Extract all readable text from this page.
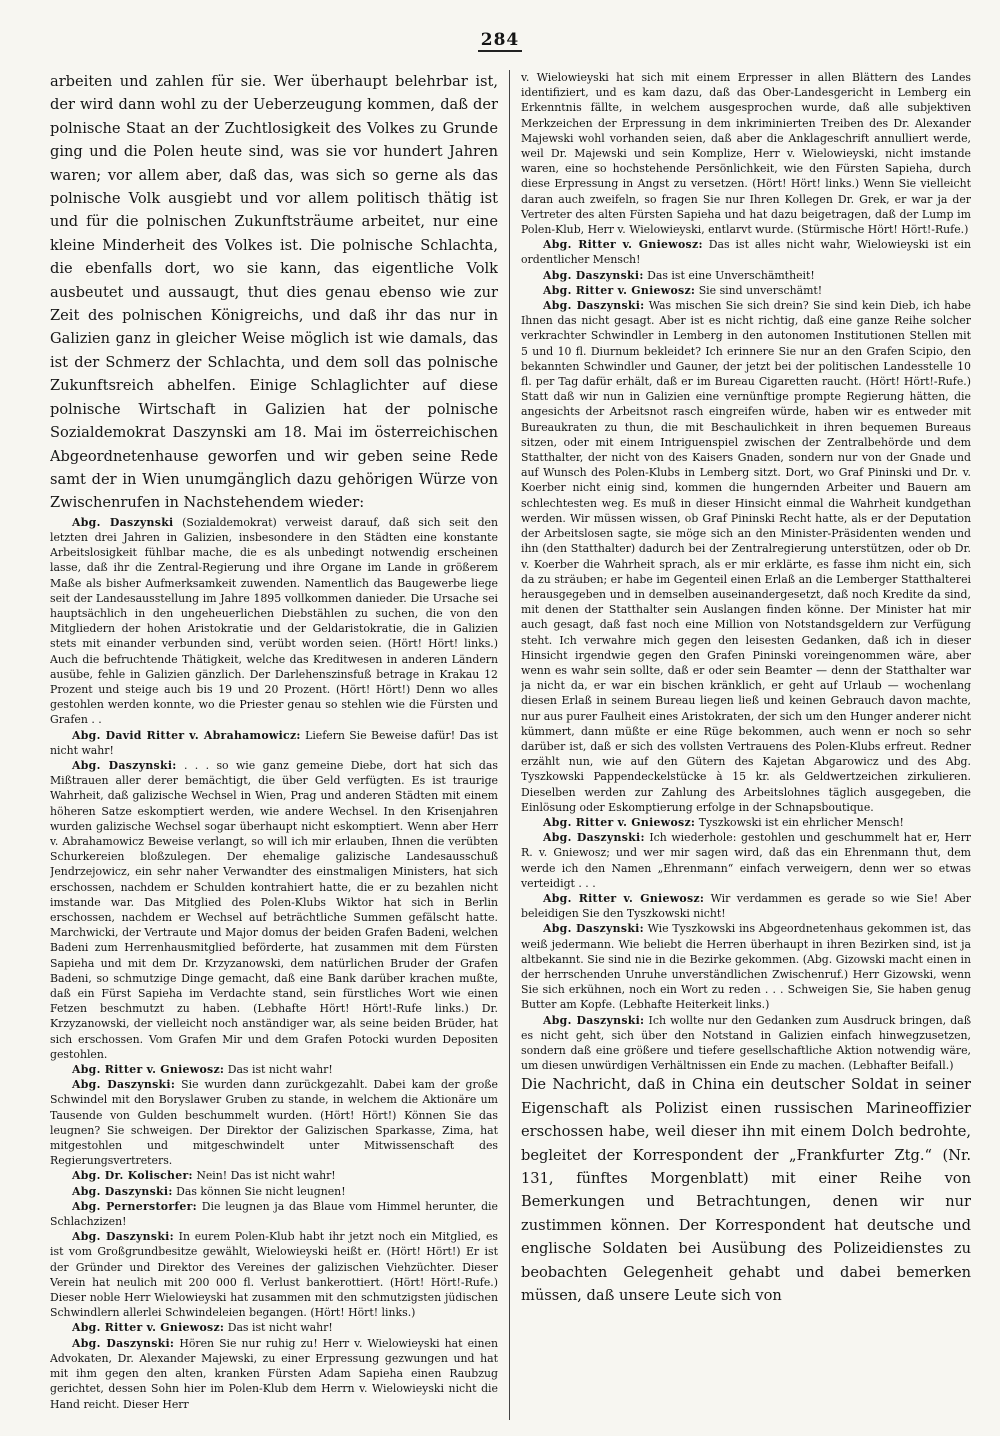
284

arbeiten und zahlen für sie. Wer überhaupt belehrbar ist, der wird dann wohl zu der Ueberzeugung kommen, daß der polnische Staat an der Zuchtlosigkeit des Volkes zu Grunde ging und die Polen heute sind, was sie vor hundert Jahren waren; vor allem aber, daß das, was sich so gerne als das polnische Volk ausgiebt und vor allem politisch thätig ist und für die polnischen Zukunftsträume arbeitet, nur eine kleine Minderheit des Volkes ist. Die polnische Schlachta, die ebenfalls dort, wo sie kann, das eigentliche Volk ausbeutet und aussaugt, thut dies genau ebenso wie zur Zeit des polnischen Königreichs, und daß ihr das nur in Galizien ganz in gleicher Weise möglich ist wie damals, das ist der Schmerz der Schlachta, und dem soll das polnische Zukunftsreich abhelfen. Einige Schlaglichter auf diese polnische Wirtschaft in Galizien hat der polnische Sozialdemokrat Daszynski am 18. Mai im österreichischen Abgeordnetenhause geworfen und wir geben seine Rede samt der in Wien unumgänglich dazu gehörigen Würze von Zwischenrufen in Nachstehendem wieder:

Abg. Daszynski (Sozialdemokrat) verweist darauf, daß sich seit den letzten drei Jahren in Galizien, insbesondere in den Städten eine konstante Arbeitslosigkeit fühlbar mache, die es als unbedingt notwendig erscheinen lasse, daß ihr die Zentral-Regierung und ihre Organe im Lande in größerem Maße als bisher Aufmerksamkeit zuwenden. Namentlich das Baugewerbe liege seit der Landesausstellung im Jahre 1895 vollkommen danieder. Die Ursache sei hauptsächlich in den ungeheuerlichen Diebstählen zu suchen, die von den Mitgliedern der hohen Aristokratie und der Geldaristokratie, die in Galizien stets mit einander verbunden sind, verübt worden seien. (Hört! Hört! links.) Auch die befruchtende Thätigkeit, welche das Kreditwesen in anderen Ländern ausübe, fehle in Galizien gänzlich. Der Darlehenszinsfuß betrage in Krakau 12 Prozent und steige auch bis 19 und 20 Prozent. (Hört! Hört!) Denn wo alles gestohlen werden konnte, wo die Priester genau so stehlen wie die Fürsten und Grafen . .

Abg. David Ritter v. Abrahamowicz: Liefern Sie Beweise dafür! Das ist nicht wahr!

Abg. Daszynski: . . . so wie ganz gemeine Diebe, dort hat sich das Mißtrauen aller derer bemächtigt, die über Geld verfügten. Es ist traurige Wahrheit, daß galizische Wechsel in Wien, Prag und anderen Städten mit einem höheren Satze eskomptiert werden, wie andere Wechsel. In den Krisenjahren wurden galizische Wechsel sogar überhaupt nicht eskomptiert. Wenn aber Herr v. Abrahamowicz Beweise verlangt, so will ich mir erlauben, Ihnen die verübten Schurkereien bloßzulegen. Der ehemalige galizische Landesausschuß Jendrzejowicz, ein sehr naher Verwandter des einstmaligen Ministers, hat sich erschossen, nachdem er Schulden kontrahiert hatte, die er zu bezahlen nicht imstande war. Das Mitglied des Polen-Klubs Wiktor hat sich in Berlin erschossen, nachdem er Wechsel auf beträchtliche Summen gefälscht hatte. Marchwicki, der Vertraute und Major domus der beiden Grafen Badeni, welchen Badeni zum Herrenhausmitglied beförderte, hat zusammen mit dem Fürsten Sapieha und mit dem Dr. Krzyzanowski, dem natürlichen Bruder der Grafen Badeni, so schmutzige Dinge gemacht, daß eine Bank darüber krachen mußte, daß ein Fürst Sapieha im Verdachte stand, sein fürstliches Wort wie einen Fetzen beschmutzt zu haben. (Lebhafte Hört! Hört!-Rufe links.) Dr. Krzyzanowski, der vielleicht noch anständiger war, als seine beiden Brüder, hat sich erschossen. Vom Grafen Mir und dem Grafen Potocki wurden Depositen gestohlen.

Abg. Ritter v. Gniewosz: Das ist nicht wahr!

Abg. Daszynski: Sie wurden dann zurückgezahlt. Dabei kam der große Schwindel mit den Boryslawer Gruben zu stande, in welchem die Aktionäre um Tausende von Gulden beschummelt wurden. (Hört! Hört!) Können Sie das leugnen? Sie schweigen. Der Direktor der Galizischen Sparkasse, Zima, hat mitgestohlen und mitgeschwindelt unter Mitwissenschaft des Regierungsvertreters.

Abg. Dr. Kolischer: Nein! Das ist nicht wahr!

Abg. Daszynski: Das können Sie nicht leugnen!

Abg. Pernerstorfer: Die leugnen ja das Blaue vom Himmel herunter, die Schlachzizen!

Abg. Daszynski: In eurem Polen-Klub habt ihr jetzt noch ein Mitglied, es ist vom Großgrundbesitze gewählt, Wielowieyski heißt er. (Hört! Hört!) Er ist der Gründer und Direktor des Vereines der galizischen Viehzüchter. Dieser Verein hat neulich mit 200 000 fl. Verlust bankerottiert. (Hört! Hört!-Rufe.) Dieser noble Herr Wielowieyski hat zusammen mit den schmutzigsten jüdischen Schwindlern allerlei Schwindeleien begangen. (Hört! Hört! links.)

Abg. Ritter v. Gniewosz: Das ist nicht wahr!

Abg. Daszynski: Hören Sie nur ruhig zu! Herr v. Wielowieyski hat einen Advokaten, Dr. Alexander Majewski, zu einer Erpressung gezwungen und hat mit ihm gegen den alten, kranken Fürsten Adam Sapieha einen Raubzug gerichtet, dessen Sohn hier im Polen-Klub dem Herrn v. Wielowieyski nicht die Hand reicht. Dieser Herr

v. Wielowieyski hat sich mit einem Erpresser in allen Blättern des Landes identifiziert, und es kam dazu, daß das Ober-Landesgericht in Lemberg ein Erkenntnis fällte, in welchem ausgesprochen wurde, daß alle subjektiven Merkzeichen der Erpressung in dem inkriminierten Treiben des Dr. Alexander Majewski wohl vorhanden seien, daß aber die Anklageschrift annulliert werde, weil Dr. Majewski und sein Komplize, Herr v. Wielowieyski, nicht imstande waren, eine so hochstehende Persönlichkeit, wie den Fürsten Sapieha, durch diese Erpressung in Angst zu versetzen. (Hört! Hört! links.) Wenn Sie vielleicht daran auch zweifeln, so fragen Sie nur Ihren Kollegen Dr. Grek, er war ja der Vertreter des alten Fürsten Sapieha und hat dazu beigetragen, daß der Lump im Polen-Klub, Herr v. Wielowieyski, entlarvt wurde. (Stürmische Hört! Hört!-Rufe.)

Abg. Ritter v. Gniewosz: Das ist alles nicht wahr, Wielowieyski ist ein ordentlicher Mensch!

Abg. Daszynski: Das ist eine Unverschämtheit!

Abg. Ritter v. Gniewosz: Sie sind unverschämt!

Abg. Daszynski: Was mischen Sie sich drein? Sie sind kein Dieb, ich habe Ihnen das nicht gesagt. Aber ist es nicht richtig, daß eine ganze Reihe solcher verkrachter Schwindler in Lemberg in den autonomen Institutionen Stellen mit 5 und 10 fl. Diurnum bekleidet? Ich erinnere Sie nur an den Grafen Scipio, den bekannten Schwindler und Gauner, der jetzt bei der politischen Landesstelle 10 fl. per Tag dafür erhält, daß er im Bureau Cigaretten raucht. (Hört! Hört!-Rufe.) Statt daß wir nun in Galizien eine vernünftige prompte Regierung hätten, die angesichts der Arbeitsnot rasch eingreifen würde, haben wir es entweder mit Bureaukraten zu thun, die mit Beschaulichkeit in ihren bequemen Bureaus sitzen, oder mit einem Intriguenspiel zwischen der Zentralbehörde und dem Statthalter, der nicht von des Kaisers Gnaden, sondern nur von der Gnade und auf Wunsch des Polen-Klubs in Lemberg sitzt. Dort, wo Graf Pininski und Dr. v. Koerber nicht einig sind, kommen die hungernden Arbeiter und Bauern am schlechtesten weg. Es muß in dieser Hinsicht einmal die Wahrheit kundgethan werden. Wir müssen wissen, ob Graf Pininski Recht hatte, als er der Deputation der Arbeitslosen sagte, sie möge sich an den Minister-Präsidenten wenden und ihn (den Statthalter) dadurch bei der Zentralregierung unterstützen, oder ob Dr. v. Koerber die Wahrheit sprach, als er mir erklärte, es fasse ihm nicht ein, sich da zu sträuben; er habe im Gegenteil einen Erlaß an die Lemberger Statthalterei herausgegeben und in demselben auseinandergesetzt, daß noch Kredite da sind, mit denen der Statthalter sein Auslangen finden könne. Der Minister hat mir auch gesagt, daß fast noch eine Million von Notstandsgeldern zur Verfügung steht. Ich verwahre mich gegen den leisesten Gedanken, daß ich in dieser Hinsicht irgendwie gegen den Grafen Pininski voreingenommen wäre, aber wenn es wahr sein sollte, daß er oder sein Beamter — denn der Statthalter war ja nicht da, er war ein bischen kränklich, er geht auf Urlaub — wochenlang diesen Erlaß in seinem Bureau liegen ließ und keinen Gebrauch davon machte, nur aus purer Faulheit eines Aristokraten, der sich um den Hunger anderer nicht kümmert, dann müßte er eine Rüge bekommen, auch wenn er noch so sehr darüber ist, daß er sich des vollsten Vertrauens des Polen-Klubs erfreut. Redner erzählt nun, wie auf den Gütern des Kajetan Abgarowicz und des Abg. Tyszkowski Pappendeckelstücke à 15 kr. als Geldwertzeichen zirkulieren. Dieselben werden zur Zahlung des Arbeitslohnes täglich ausgegeben, die Einlösung oder Eskomptierung erfolge in der Schnapsboutique.

Abg. Ritter v. Gniewosz: Tyszkowski ist ein ehrlicher Mensch!

Abg. Daszynski: Ich wiederhole: gestohlen und geschummelt hat er, Herr R. v. Gniewosz; und wer mir sagen wird, daß das ein Ehrenmann thut, dem werde ich den Namen „Ehrenmann“ einfach verweigern, denn wer so etwas verteidigt . . .

Abg. Ritter v. Gniewosz: Wir verdammen es gerade so wie Sie! Aber beleidigen Sie den Tyszkowski nicht!

Abg. Daszynski: Wie Tyszkowski ins Abgeordnetenhaus gekommen ist, das weiß jedermann. Wie beliebt die Herren überhaupt in ihren Bezirken sind, ist ja altbekannt. Sie sind nie in die Bezirke gekommen. (Abg. Gizowski macht einen in der herrschenden Unruhe unverständlichen Zwischenruf.) Herr Gizowski, wenn Sie sich erkühnen, noch ein Wort zu reden . . . Schweigen Sie, Sie haben genug Butter am Kopfe. (Lebhafte Heiterkeit links.)

Abg. Daszynski: Ich wollte nur den Gedanken zum Ausdruck bringen, daß es nicht geht, sich über den Notstand in Galizien einfach hinwegzusetzen, sondern daß eine größere und tiefere gesellschaftliche Aktion notwendig wäre, um diesen unwürdigen Verhältnissen ein Ende zu machen. (Lebhafter Beifall.)

Die Nachricht, daß in China ein deutscher Soldat in seiner Eigenschaft als Polizist einen russischen Marineoffizier erschossen habe, weil dieser ihn mit einem Dolch bedrohte, begleitet der Korrespondent der „Frankfurter Ztg.“ (Nr. 131, fünftes Morgenblatt) mit einer Reihe von Bemerkungen und Betrachtungen, denen wir nur zustimmen können. Der Korrespondent hat deutsche und englische Soldaten bei Ausübung des Polizeidienstes zu beobachten Gelegenheit gehabt und dabei bemerken müssen, daß unsere Leute sich von
